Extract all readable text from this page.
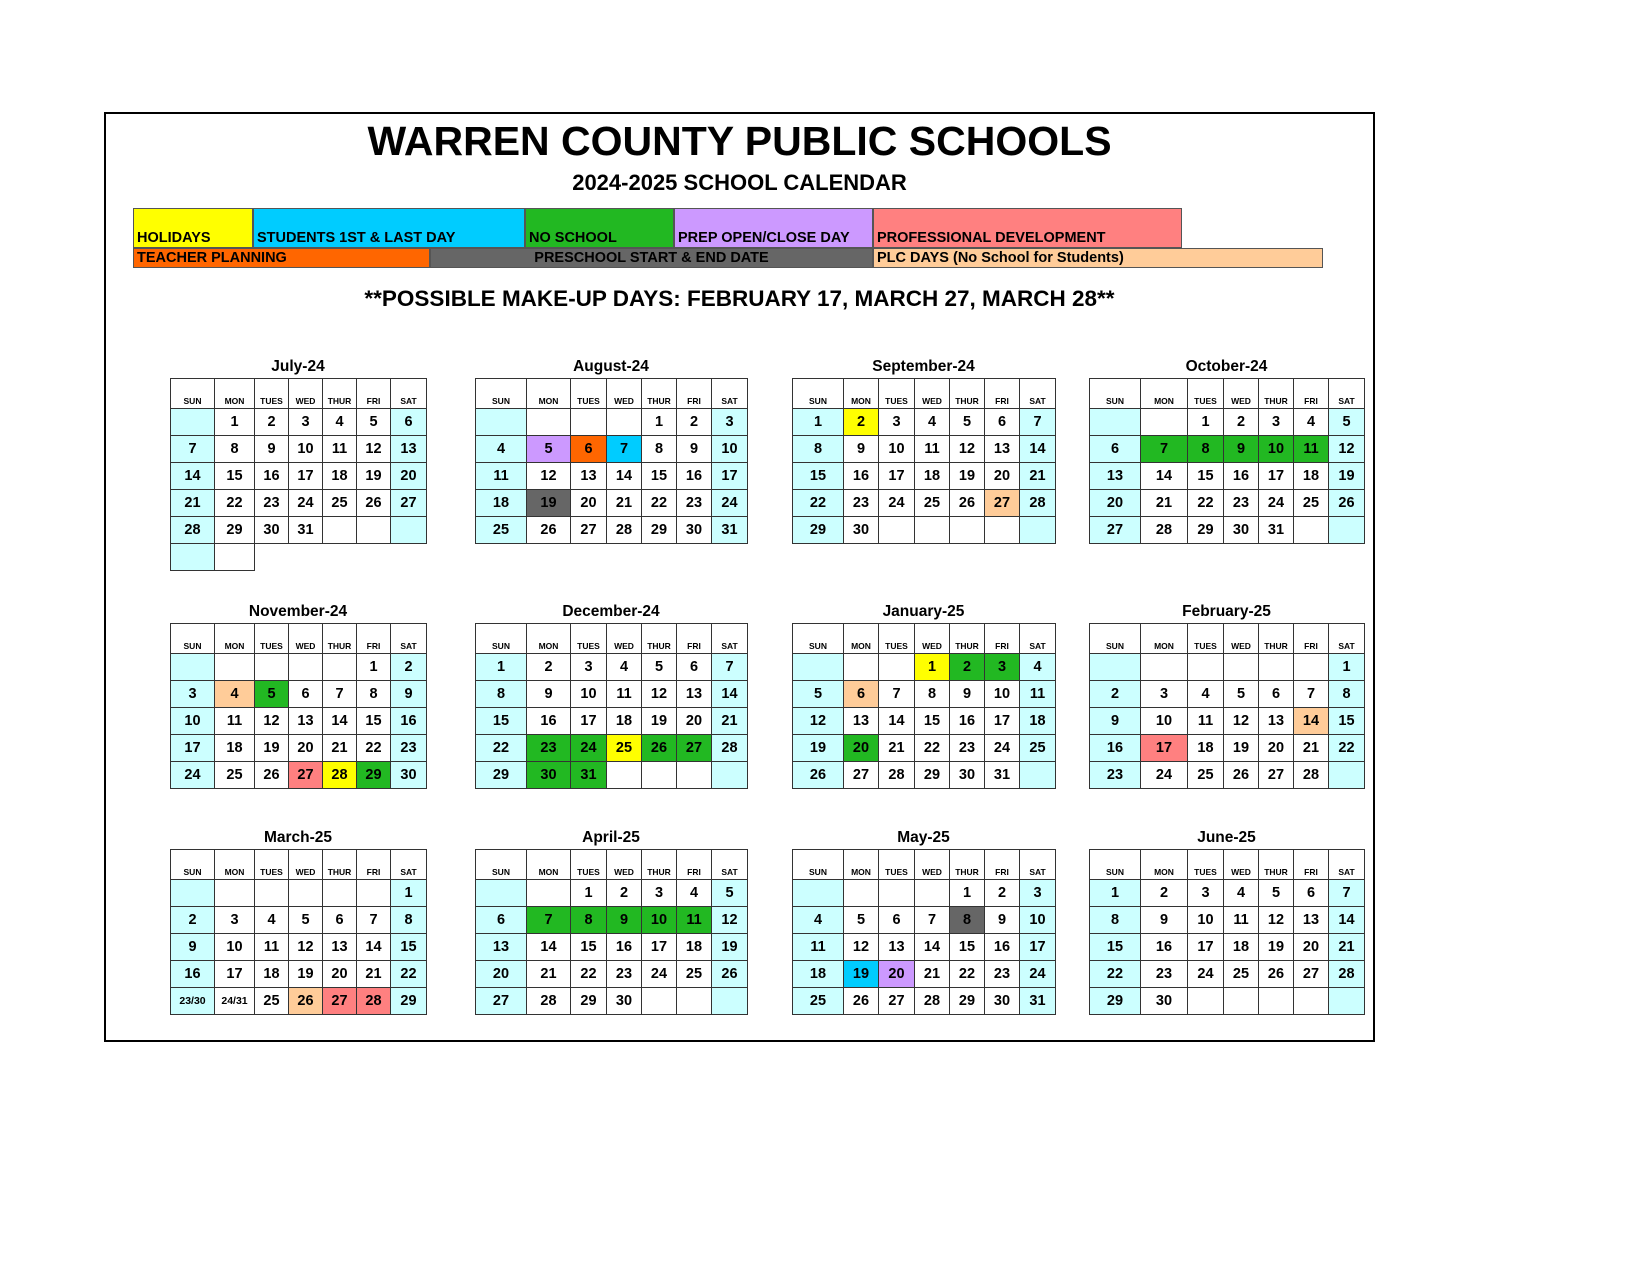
WARREN COUNTY PUBLIC SCHOOLS
2024-2025 SCHOOL CALENDAR
HOLIDAYS	STUDENTS 1ST & LAST DAY	NO SCHOOL	PREP OPEN/CLOSE DAY PROFESSIONAL DEVELOPMENT
TEACHER PLANNING	PRESCHOOL START & END DATE	PLC DAYS (No School for Students)
**POSSIBLE MAKE-UP DAYS: FEBRUARY 17, MARCH 27, MARCH 28**
July-24
SUN	MON	TUES	WED	THUR	FRI	SAT
	1	2	3	4	5	6
7	8	9	10	11	12	13
14	15	16	17	18	19	20
21	22	23	24	25	26	27
28	29	30	31			

August-24
SUN	MON	TUES	WED	THUR	FRI	SAT
				1	2	3
4	5	6	7	8	9	10
11	12	13	14	15	16	17
18	19	20	21	22	23	24
25	26	27	28	29	30	31
September-24
SUN	MON	TUES	WED	THUR	FRI	SAT
1	2	3	4	5	6	7
8	9	10	11	12	13	14
15	16	17	18	19	20	21
22	23	24	25	26	27	28
29	30					
October-24
SUN	MON	TUES	WED	THUR	FRI	SAT
		1	2	3	4	5
6	7	8	9	10	11	12
13	14	15	16	17	18	19
20	21	22	23	24	25	26
27	28	29	30	31		
November-24
SUN	MON	TUES	WED	THUR	FRI	SAT
					1	2
3	4	5	6	7	8	9
10	11	12	13	14	15	16
17	18	19	20	21	22	23
24	25	26	27	28	29	30
December-24
SUN	MON	TUES	WED	THUR	FRI	SAT
1	2	3	4	5	6	7
8	9	10	11	12	13	14
15	16	17	18	19	20	21
22	23	24	25	26	27	28
29	30	31				
January-25
SUN	MON	TUES	WED	THUR	FRI	SAT
			1	2	3	4
5	6	7	8	9	10	11
12	13	14	15	16	17	18
19	20	21	22	23	24	25
26	27	28	29	30	31	
February-25
SUN	MON	TUES	WED	THUR	FRI	SAT
						1
2	3	4	5	6	7	8
9	10	11	12	13	14	15
16	17	18	19	20	21	22
23	24	25	26	27	28	
March-25
SUN	MON	TUES	WED	THUR	FRI	SAT
						1
2	3	4	5	6	7	8
9	10	11	12	13	14	15
16	17	18	19	20	21	22
23/30	24/31	25	26	27	28	29
April-25
SUN	MON	TUES	WED	THUR	FRI	SAT
		1	2	3	4	5
6	7	8	9	10	11	12
13	14	15	16	17	18	19
20	21	22	23	24	25	26
27	28	29	30			
May-25
SUN	MON	TUES	WED	THUR	FRI	SAT
				1	2	3
4	5	6	7	8	9	10
11	12	13	14	15	16	17
18	19	20	21	22	23	24
25	26	27	28	29	30	31
June-25
SUN	MON	TUES	WED	THUR	FRI	SAT
1	2	3	4	5	6	7
8	9	10	11	12	13	14
15	16	17	18	19	20	21
22	23	24	25	26	27	28
29	30					
